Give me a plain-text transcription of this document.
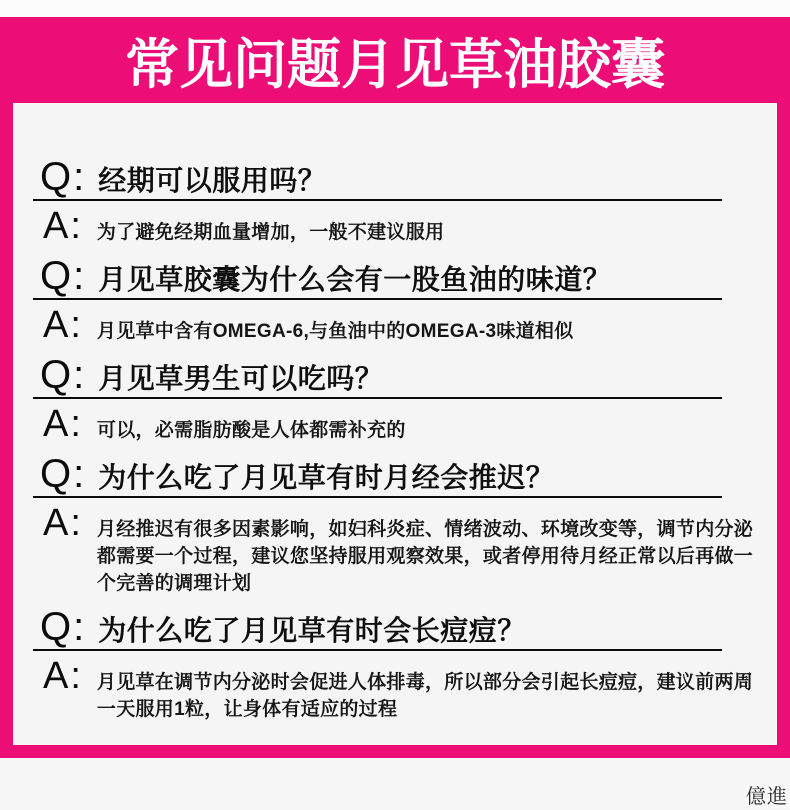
常见问题月见草油胶囊
Q: 经期可以服用吗？
A: 为了避免经期血量增加，一般不建议服用
Q: 月见草胶囊为什么会有一股鱼油的味道？
A: 月见草中含有OMEGA-6,与鱼油中的OMEGA-3味道相似
Q: 月见草男生可以吃吗？
A: 可以，必需脂肪酸是人体都需补充的
Q: 为什么吃了月见草有时月经会推迟？
A: 月经推迟有很多因素影响，如妇科炎症、情绪波动、环境改变等，调节内分泌都需要一个过程，建议您坚持服用观察效果，或者停用待月经正常以后再做一个完善的调理计划
Q: 为什么吃了月见草有时会长痘痘？
A: 月见草在调节内分泌时会促进人体排毒，所以部分会引起长痘痘，建议前两周一天服用1粒，让身体有适应的过程
億進
